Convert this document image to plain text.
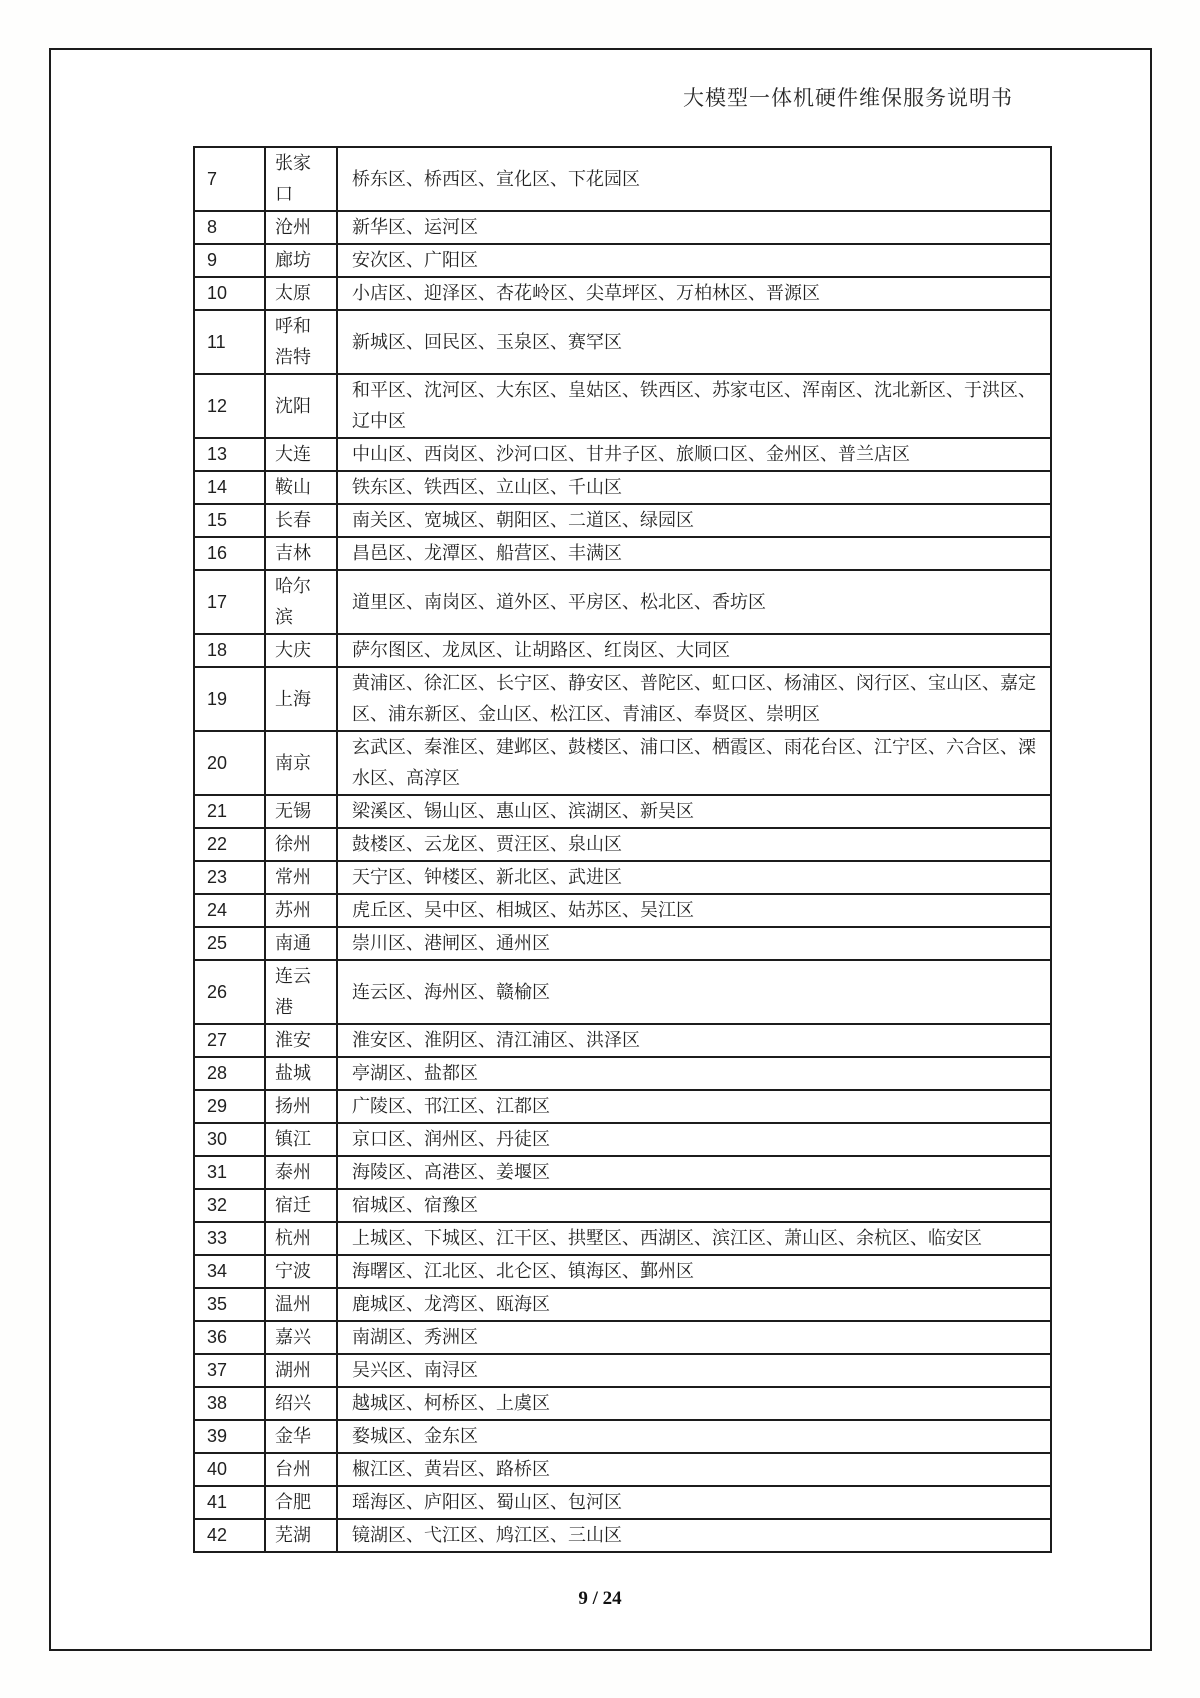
大模型一体机硬件维保服务说明书
7	张家口	桥东区、桥西区、宣化区、下花园区
8	沧州	新华区、运河区
9	廊坊	安次区、广阳区
10	太原	小店区、迎泽区、杏花岭区、尖草坪区、万柏林区、晋源区
11	呼和浩特	新城区、回民区、玉泉区、赛罕区
12	沈阳	和平区、沈河区、大东区、皇姑区、铁西区、苏家屯区、浑南区、沈北新区、于洪区、辽中区
13	大连	中山区、西岗区、沙河口区、甘井子区、旅顺口区、金州区、普兰店区
14	鞍山	铁东区、铁西区、立山区、千山区
15	长春	南关区、宽城区、朝阳区、二道区、绿园区
16	吉林	昌邑区、龙潭区、船营区、丰满区
17	哈尔滨	道里区、南岗区、道外区、平房区、松北区、香坊区
18	大庆	萨尔图区、龙凤区、让胡路区、红岗区、大同区
19	上海	黄浦区、徐汇区、长宁区、静安区、普陀区、虹口区、杨浦区、闵行区、宝山区、嘉定区、浦东新区、金山区、松江区、青浦区、奉贤区、崇明区
20	南京	玄武区、秦淮区、建邺区、鼓楼区、浦口区、栖霞区、雨花台区、江宁区、六合区、溧水区、高淳区
21	无锡	梁溪区、锡山区、惠山区、滨湖区、新吴区
22	徐州	鼓楼区、云龙区、贾汪区、泉山区
23	常州	天宁区、钟楼区、新北区、武进区
24	苏州	虎丘区、吴中区、相城区、姑苏区、吴江区
25	南通	崇川区、港闸区、通州区
26	连云港	连云区、海州区、赣榆区
27	淮安	淮安区、淮阴区、清江浦区、洪泽区
28	盐城	亭湖区、盐都区
29	扬州	广陵区、邗江区、江都区
30	镇江	京口区、润州区、丹徒区
31	泰州	海陵区、高港区、姜堰区
32	宿迁	宿城区、宿豫区
33	杭州	上城区、下城区、江干区、拱墅区、西湖区、滨江区、萧山区、余杭区、临安区
34	宁波	海曙区、江北区、北仑区、镇海区、鄞州区
35	温州	鹿城区、龙湾区、瓯海区
36	嘉兴	南湖区、秀洲区
37	湖州	吴兴区、南浔区
38	绍兴	越城区、柯桥区、上虞区
39	金华	婺城区、金东区
40	台州	椒江区、黄岩区、路桥区
41	合肥	瑶海区、庐阳区、蜀山区、包河区
42	芜湖	镜湖区、弋江区、鸠江区、三山区
9 / 24
